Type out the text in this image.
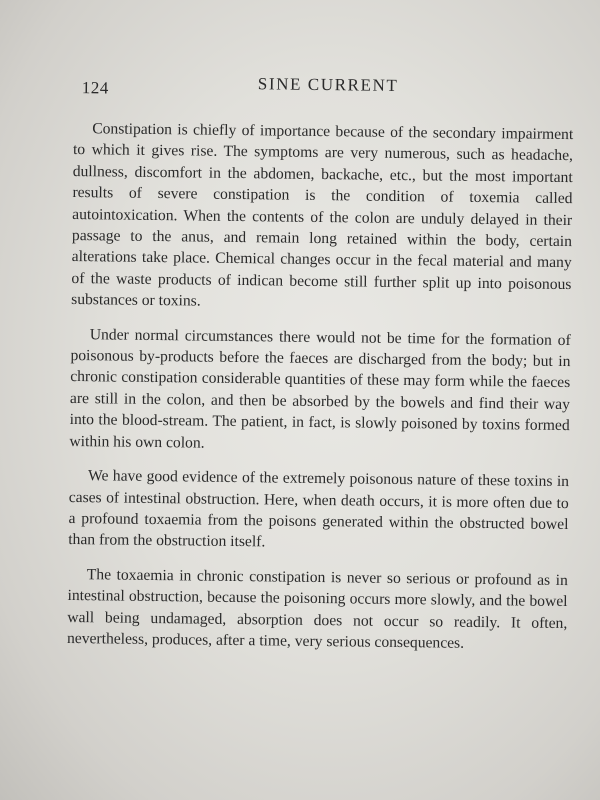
124	SINE CURRENT

Constipation is chiefly of importance because of the secondary impairment to which it gives rise. The symptoms are very numerous, such as headache, dullness, discomfort in the abdomen, backache, etc., but the most important results of severe constipation is the condition of toxemia called autointoxication. When the contents of the colon are unduly delayed in their passage to the anus, and remain long retained within the body, certain alterations take place. Chemical changes occur in the fecal material and many of the waste products of indican become still further split up into poisonous substances or toxins.

Under normal circumstances there would not be time for the formation of poisonous by-products before the faeces are discharged from the body; but in chronic constipation considerable quantities of these may form while the faeces are still in the colon, and then be absorbed by the bowels and find their way into the blood-stream. The patient, in fact, is slowly poisoned by toxins formed within his own colon.

We have good evidence of the extremely poisonous nature of these toxins in cases of intestinal obstruction. Here, when death occurs, it is more often due to a profound toxaemia from the poisons generated within the obstructed bowel than from the obstruction itself.

The toxaemia in chronic constipation is never so serious or profound as in intestinal obstruction, because the poisoning occurs more slowly, and the bowel wall being undamaged, absorption does not occur so readily. It often, nevertheless, produces, after a time, very serious consequences.
